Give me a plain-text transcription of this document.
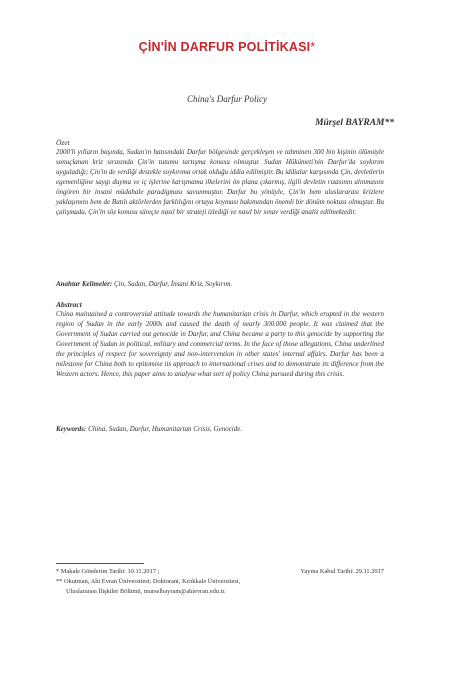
ÇİN'İN DARFUR POLİTİKASI*
China's Darfur Policy
Mürşel BAYRAM**
Özet
2000'li yılların başında, Sudan'ın batısındaki Darfur bölgesinde gerçekleşen ve tahminen 300 bin kişinin ölümüyle sonuçlanan kriz sırasında Çin'in tutumu tartışma konusu olmuştur. Sudan Hükümeti'nin Darfur'da soykırım uyguladığı; Çin'in de verdiği destekle soykırıma ortak olduğu iddia edilmiştir. Bu iddialar karşısında Çin, devletlerin egemenliğine saygı duyma ve iç işlerine karışmama ilkelerini ön plana çıkarmış, ilgili devletin rızasının alınmasını öngören bir insani müdahale paradigması savunmuştur. Darfur bu yönüyle, Çin'in hem uluslararası krizlere yaklaşımını hem de Batılı aktörlerden farklılığını ortaya koyması bakımından önemli bir dönüm noktası olmuştur. Bu çalışmada, Çin'in söz konusu süreçte nasıl bir strateji izlediği ve nasıl bir sınav verdiği analiz edilmektedir.
Anahtar Kelimeler: Çin, Sudan, Darfur, İnsani Kriz, Soykırım.
Abstract
China maintained a controversial attitude towards the humanitarian crisis in Darfur, which erupted in the western region of Sudan in the early 2000s and caused the death of nearly 300.000 people. It was claimed that the Government of Sudan carried out genocide in Darfur, and China became a party to this genocide by supporting the Government of Sudan in political, military and commercial terms. In the face of those allegations, China underlined the principles of respect for sovereignty and non-intervention in other states' internal affairs. Darfur has been a milestone for China both to epitomise its approach to international crises and to demonstrate its difference from the Western actors. Hence, this paper aims to analyse what sort of policy China pursued during this crisis.
Keywords: China, Sudan, Darfur, Humanitarian Crisis, Genocide.
* Makale Gönderim Tarihi: 10.11.2017 ;	Yayına Kabul Tarihi: 29.11.2017
** Okutman, Ahi Evran Üniversitesi; Doktorant, Kırıkkale Üniversitesi,
Uluslararası İlişkiler Bölümü, murselbayram@ahievran.edu.tr.
